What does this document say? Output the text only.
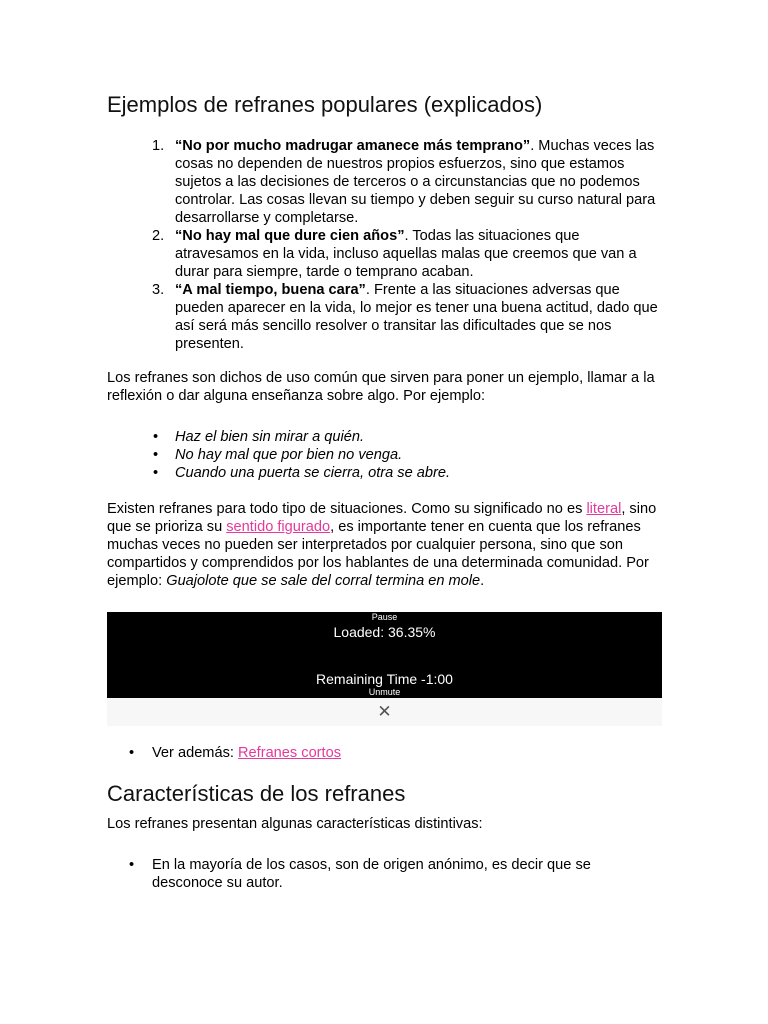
Ejemplos de refranes populares (explicados)
1. “No por mucho madrugar amanece más temprano”. Muchas veces las cosas no dependen de nuestros propios esfuerzos, sino que estamos sujetos a las decisiones de terceros o a circunstancias que no podemos controlar. Las cosas llevan su tiempo y deben seguir su curso natural para desarrollarse y completarse.
2. “No hay mal que dure cien años”. Todas las situaciones que atravesamos en la vida, incluso aquellas malas que creemos que van a durar para siempre, tarde o temprano acaban.
3. “A mal tiempo, buena cara”. Frente a las situaciones adversas que pueden aparecer en la vida, lo mejor es tener una buena actitud, dado que así será más sencillo resolver o transitar las dificultades que se nos presenten.

Los refranes son dichos de uso común que sirven para poner un ejemplo, llamar a la reflexión o dar alguna enseñanza sobre algo. Por ejemplo:

• Haz el bien sin mirar a quién.
• No hay mal que por bien no venga.
• Cuando una puerta se cierra, otra se abre.

Existen refranes para todo tipo de situaciones. Como su significado no es literal, sino que se prioriza su sentido figurado, es importante tener en cuenta que los refranes muchas veces no pueden ser interpretados por cualquier persona, sino que son compartidos y comprendidos por los hablantes de una determinada comunidad. Por ejemplo: Guajolote que se sale del corral termina en mole.

Pause
Loaded: 36.35%
Remaining Time -1:00
Unmute
✕
• Ver además: Refranes cortos
Características de los refranes

Los refranes presentan algunas características distintivas:

• En la mayoría de los casos, son de origen anónimo, es decir que se desconoce su autor.
